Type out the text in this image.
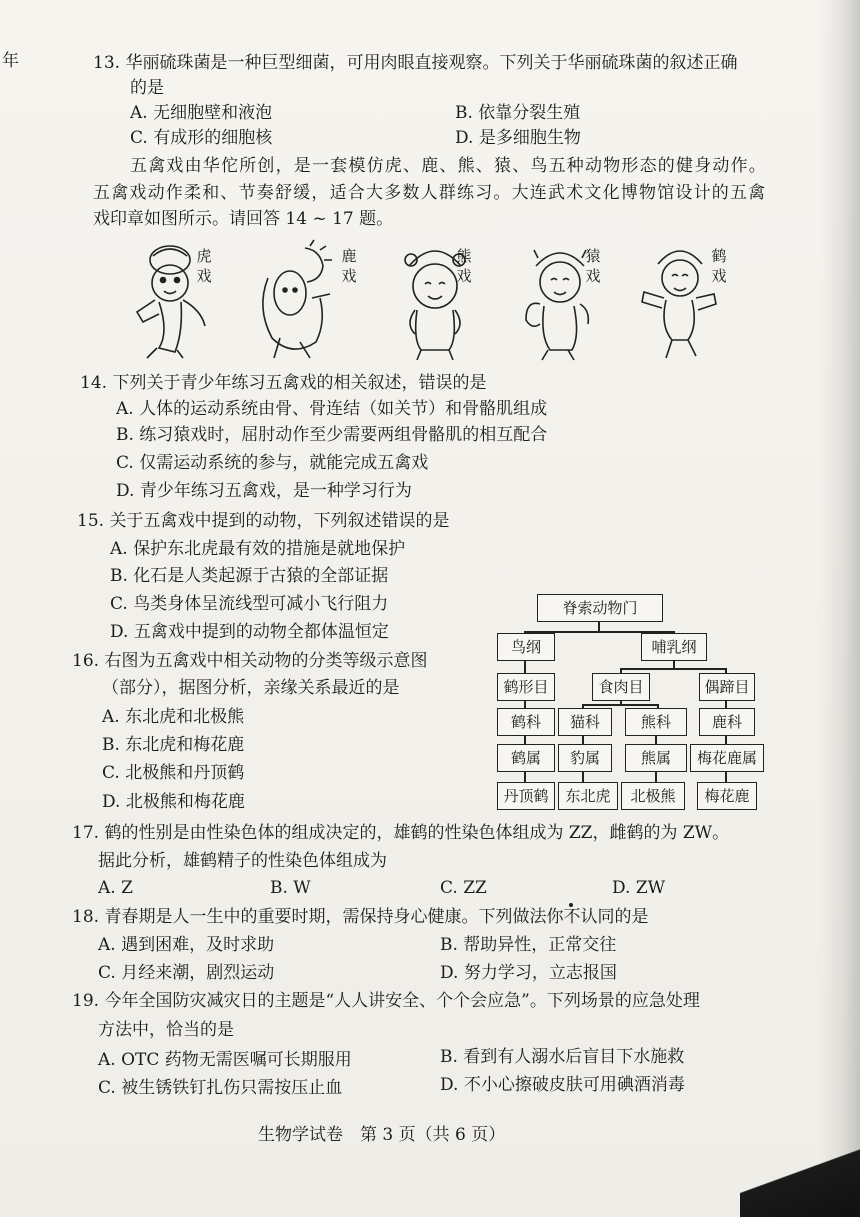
年	13. 华丽硫珠菌是一种巨型细菌，可用肉眼直接观察。下列关于华丽硫珠菌的叙述正确
的是
A. 无细胞壁和液泡	B. 依靠分裂生殖
C. 有成形的细胞核	D. 是多细胞生物
五禽戏由华佗所创，是一套模仿虎、鹿、熊、猿、鸟五种动物形态的健身动作。
五禽戏动作柔和、节奏舒缓，适合大多数人群练习。大连武术文化博物馆设计的五禽
戏印章如图所示。请回答 14 ~ 17 题。
虎戏
鹿戏
熊戏
猿戏
鹤戏
14. 下列关于青少年练习五禽戏的相关叙述，错误的是
A. 人体的运动系统由骨、骨连结（如关节）和骨骼肌组成
B. 练习猿戏时，屈肘动作至少需要两组骨骼肌的相互配合
C. 仅需运动系统的参与，就能完成五禽戏
D. 青少年练习五禽戏，是一种学习行为
15. 关于五禽戏中提到的动物，下列叙述错误的是
A. 保护东北虎最有效的措施是就地保护
B. 化石是人类起源于古猿的全部证据
C. 鸟类身体呈流线型可减小飞行阻力
D. 五禽戏中提到的动物全都体温恒定
16. 右图为五禽戏中相关动物的分类等级示意图
（部分），据图分析，亲缘关系最近的是
A. 东北虎和北极熊
B. 东北虎和梅花鹿
C. 北极熊和丹顶鹤
D. 北极熊和梅花鹿
脊索动物门
鸟纲	哺乳纲
鹤形目	食肉目	偶蹄目
鹤科	猫科	熊科	鹿科
鹤属	豹属	熊属	梅花鹿属
丹顶鹤	东北虎	北极熊	梅花鹿
17. 鹤的性别是由性染色体的组成决定的，雄鹤的性染色体组成为 ZZ，雌鹤的为 ZW。
据此分析，雄鹤精子的性染色体组成为
A. Z	B. W	C. ZZ	D. ZW
18. 青春期是人一生中的重要时期，需保持身心健康。下列做法你不
认同的是
A. 遇到困难，及时求助	B. 帮助异性，正常交往
C. 月经来潮，剧烈运动	D. 努力学习，立志报国
19. 今年全国防灾减灾日的主题是“人人讲安全、个个会应急”。下列场景的应急处理
方法中，恰当的是
A. OTC 药物无需医嘱可长期服用	B. 看到有人溺水后盲目下水施救
C. 被生锈铁钉扎伤只需按压止血	D. 不小心擦破皮肤可用碘酒消毒
生物学试卷　第 3 页（共 6 页）
